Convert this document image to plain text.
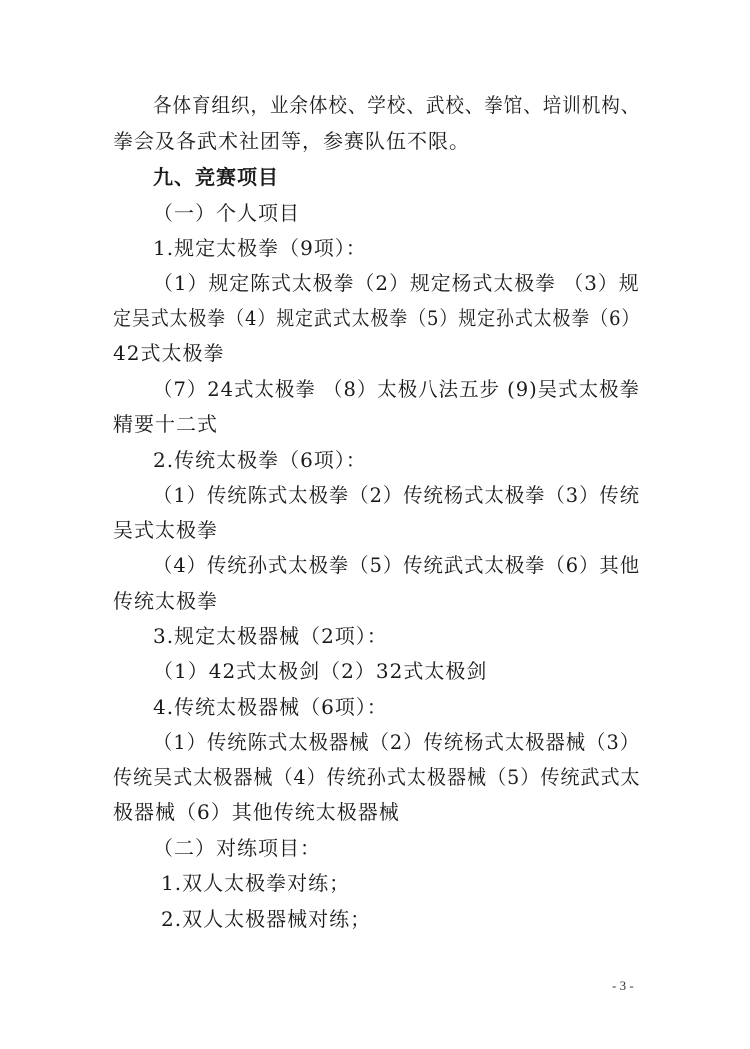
各体育组织，业余体校、学校、武校、拳馆、培训机构、
拳会及各武术社团等，参赛队伍不限。
九、竞赛项目
（一）个人项目
1.规定太极拳（9项）：
（1）规定陈式太极拳（2）规定杨式太极拳 （3）规
定吴式太极拳（4）规定武式太极拳（5）规定孙式太极拳（6）
42式太极拳
（7）24式太极拳 （8）太极八法五步 (9)吴式太极拳
精要十二式
2.传统太极拳（6项）：
（1）传统陈式太极拳（2）传统杨式太极拳（3）传统
吴式太极拳
（4）传统孙式太极拳（5）传统武式太极拳（6）其他
传统太极拳
3.规定太极器械（2项）：
（1）42式太极剑（2）32式太极剑
4.传统太极器械（6项）：
（1）传统陈式太极器械（2）传统杨式太极器械（3）
传统吴式太极器械（4）传统孙式太极器械（5）传统武式太
极器械（6）其他传统太极器械
（二）对练项目：
1.双人太极拳对练；
2.双人太极器械对练；
- 3 -
